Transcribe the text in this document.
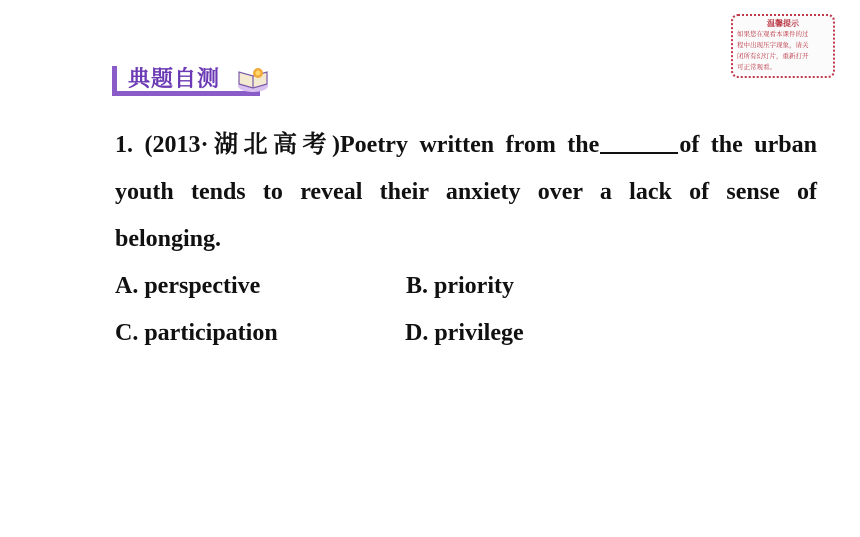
温馨提示
如果您在观看本课件的过
程中出现压字现象，请关
闭所有幻灯片，重新打开
可正常观看。
典题自测
1. (2013·湖北高考)Poetry written from the	of the urban
youth tends to reveal their anxiety over a lack of sense of
belonging.
A. perspective	B. priority
C. participation	D. privilege
